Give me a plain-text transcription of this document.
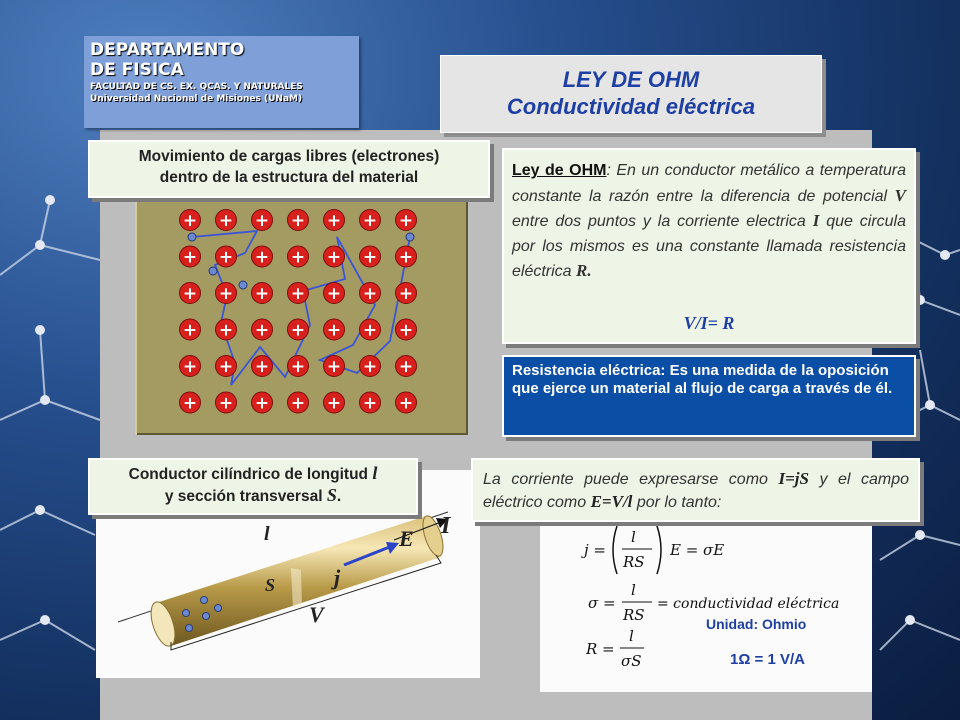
DEPARTAMENTO
DE FISICA
FACULTAD DE CS. EX. QCAS. Y NATURALES
Universidad Nacional de Misiones (UNaM)
LEY DE OHM
Conductividad eléctrica
+ + + + + + +
+ + + + + + +
+ + + + + + +
+ + + + + + +
+ + + + + + +
+ + + + + + +
Movimiento de cargas libres (electrones)
dentro de la estructura del material	Ley de OHM: En un conductor metálico a temperatura constante la razón entre la diferencia de potencial V entre dos puntos y la corriente electrica I que circula por los mismos es una constante llamada resistencia eléctrica R.
V/I= R
Resistencia eléctrica: Es una medida de la oposición que ejerce un material al flujo de carga a través de él.
l	I
E
S	j
V
Conductor cilíndrico de longitud l
y sección transversal S.
j =
l
RS
E = σE
σ =
l
RS
= conductividad eléctrica
R =
l
σS
Unidad: Ohmio
1Ω = 1 V/A
La corriente puede expresarse como I=jS y el campo eléctrico como E=V/l por lo tanto:
